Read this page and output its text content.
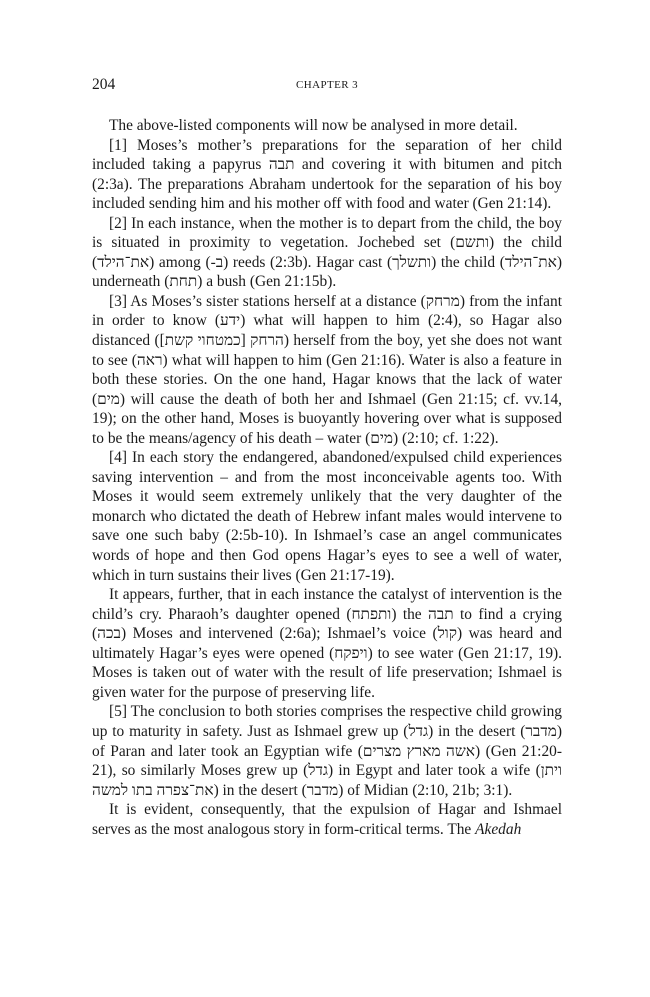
204	CHAPTER 3

The above-listed components will now be analysed in more detail.

[1] Moses’s mother’s preparations for the separation of her child included taking a papyrus תבה and covering it with bitumen and pitch (2:3a). The preparations Abraham undertook for the separation of his boy included sending him and his mother off with food and water (Gen 21:14).

[2] In each instance, when the mother is to depart from the child, the boy is situated in proximity to vegetation. Jochebed set (ותשם) the child (את־הילד) among (-ב) reeds (2:3b). Hagar cast (ותשלך) the child (את־הילד) underneath (תחת) a bush (Gen 21:15b).

[3] As Moses’s sister stations herself at a distance (מרחק) from the infant in order to know (ידע) what will happen to him (2:4), so Hagar also distanced (הרחק [כמטחוי קשת]) herself from the boy, yet she does not want to see (ראה) what will happen to him (Gen 21:16). Water is also a feature in both these stories. On the one hand, Hagar knows that the lack of water (מים) will cause the death of both her and Ishmael (Gen 21:15; cf. vv.14, 19); on the other hand, Moses is buoyantly hovering over what is supposed to be the means/agency of his death – water (מים) (2:10; cf. 1:22).

[4] In each story the endangered, abandoned/expulsed child experiences saving intervention – and from the most inconceivable agents too. With Moses it would seem extremely unlikely that the very daughter of the monarch who dictated the death of Hebrew infant males would intervene to save one such baby (2:5b-10). In Ishmael’s case an angel communicates words of hope and then God opens Hagar’s eyes to see a well of water, which in turn sustains their lives (Gen 21:17-19).

It appears, further, that in each instance the catalyst of intervention is the child’s cry. Pharaoh’s daughter opened (ותפתח) the תבה to find a crying (בכה) Moses and intervened (2:6a); Ishmael’s voice (קול) was heard and ultimately Hagar’s eyes were opened (ויפקח) to see water (Gen 21:17, 19). Moses is taken out of water with the result of life preservation; Ishmael is given water for the purpose of preserving life.

[5] The conclusion to both stories comprises the respective child growing up to maturity in safety. Just as Ishmael grew up (גדל) in the desert (מדבר) of Paran and later took an Egyptian wife (אשה מארץ מצרים) (Gen 21:20-21), so similarly Moses grew up (גדל) in Egypt and later took a wife (ויתן את־צפרה בתו למשה) in the desert (מדבר) of Midian (2:10, 21b; 3:1).

It is evident, consequently, that the expulsion of Hagar and Ishmael serves as the most analogous story in form-critical terms. The Akedah
